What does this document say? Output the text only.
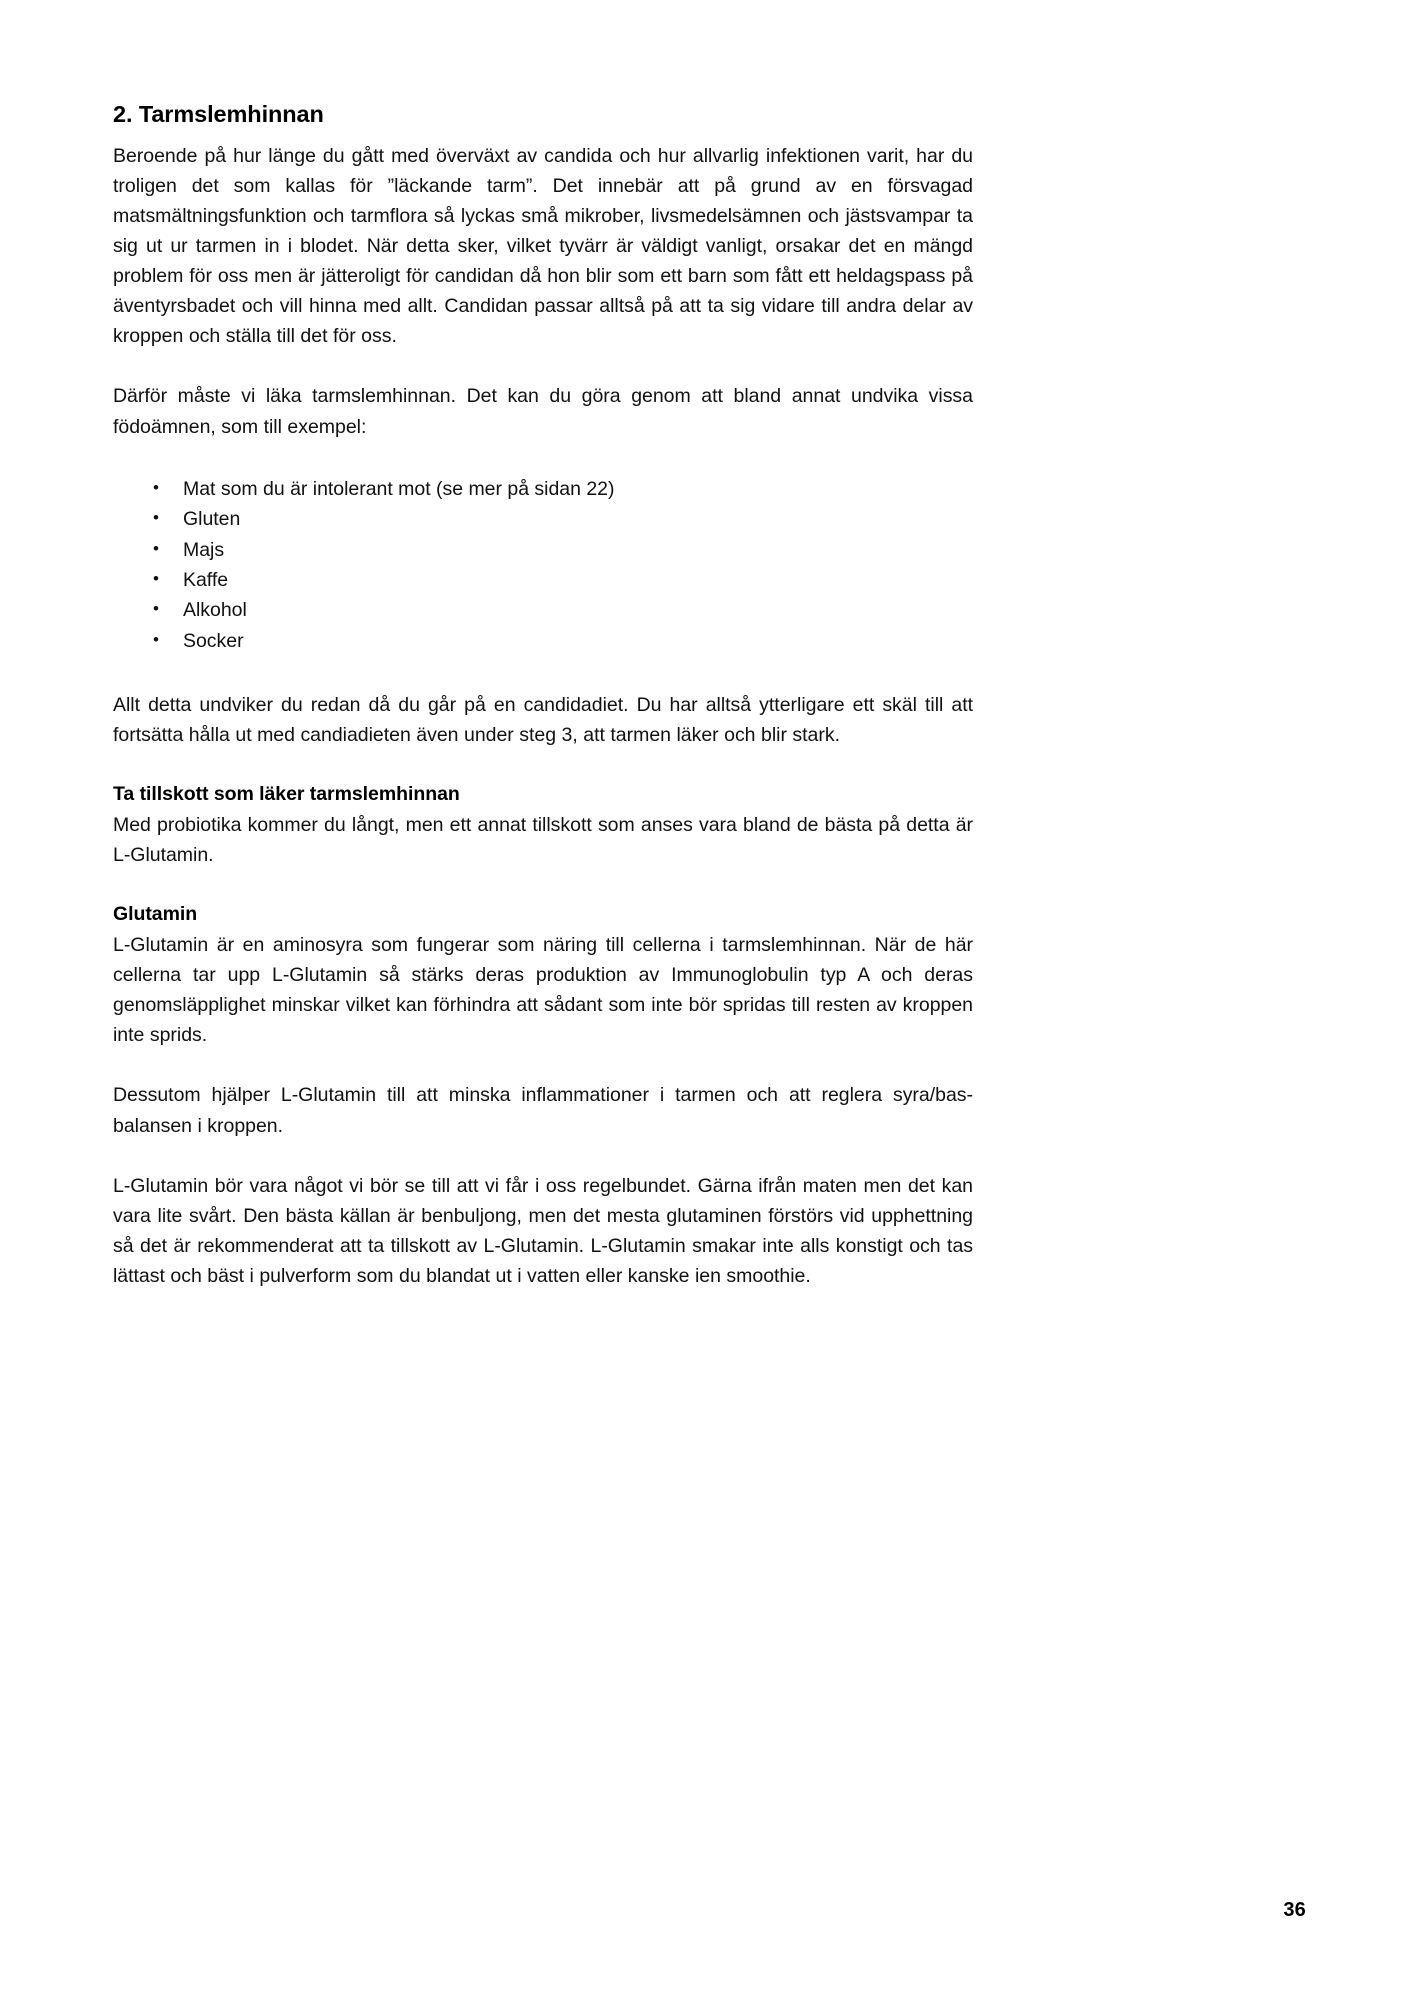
2. Tarmslemhinnan

Beroende på hur länge du gått med överväxt av candida och hur allvarlig infektionen varit, har du troligen det som kallas för ”läckande tarm”. Det innebär att på grund av en försvagad matsmältningsfunktion och tarmflora så lyckas små mikrober, livsmedelsämnen och jästsvampar ta sig ut ur tarmen in i blodet. När detta sker, vilket tyvärr är väldigt vanligt, orsakar det en mängd problem för oss men är jätteroligt för candidan då hon blir som ett barn som fått ett heldagspass på äventyrsbadet och vill hinna med allt. Candidan passar alltså på att ta sig vidare till andra delar av kroppen och ställa till det för oss.

Därför måste vi läka tarmslemhinnan. Det kan du göra genom att bland annat undvika vissa födoämnen, som till exempel:

• Mat som du är intolerant mot (se mer på sidan 22)
• Gluten
• Majs
• Kaffe
• Alkohol
• Socker

Allt detta undviker du redan då du går på en candidadiet. Du har alltså ytterligare ett skäl till att fortsätta hålla ut med candiadieten även under steg 3, att tarmen läker och blir stark.

Ta tillskott som läker tarmslemhinnan

Med probiotika kommer du långt, men ett annat tillskott som anses vara bland de bästa på detta är L-Glutamin.

Glutamin

L-Glutamin är en aminosyra som fungerar som näring till cellerna i tarmslemhinnan. När de här cellerna tar upp L-Glutamin så stärks deras produktion av Immunoglobulin typ A och deras genomsläpplighet minskar vilket kan förhindra att sådant som inte bör spridas till resten av kroppen inte sprids.

Dessutom hjälper L-Glutamin till att minska inflammationer i tarmen och att reglera syra/bas-balansen i kroppen.

L-Glutamin bör vara något vi bör se till att vi får i oss regelbundet. Gärna ifrån maten men det kan vara lite svårt. Den bästa källan är benbuljong, men det mesta glutaminen förstörs vid upphettning så det är rekommenderat att ta tillskott av L-Glutamin. L-Glutamin smakar inte alls konstigt och tas lättast och bäst i pulverform som du blandat ut i vatten eller kanske ien smoothie.

36
